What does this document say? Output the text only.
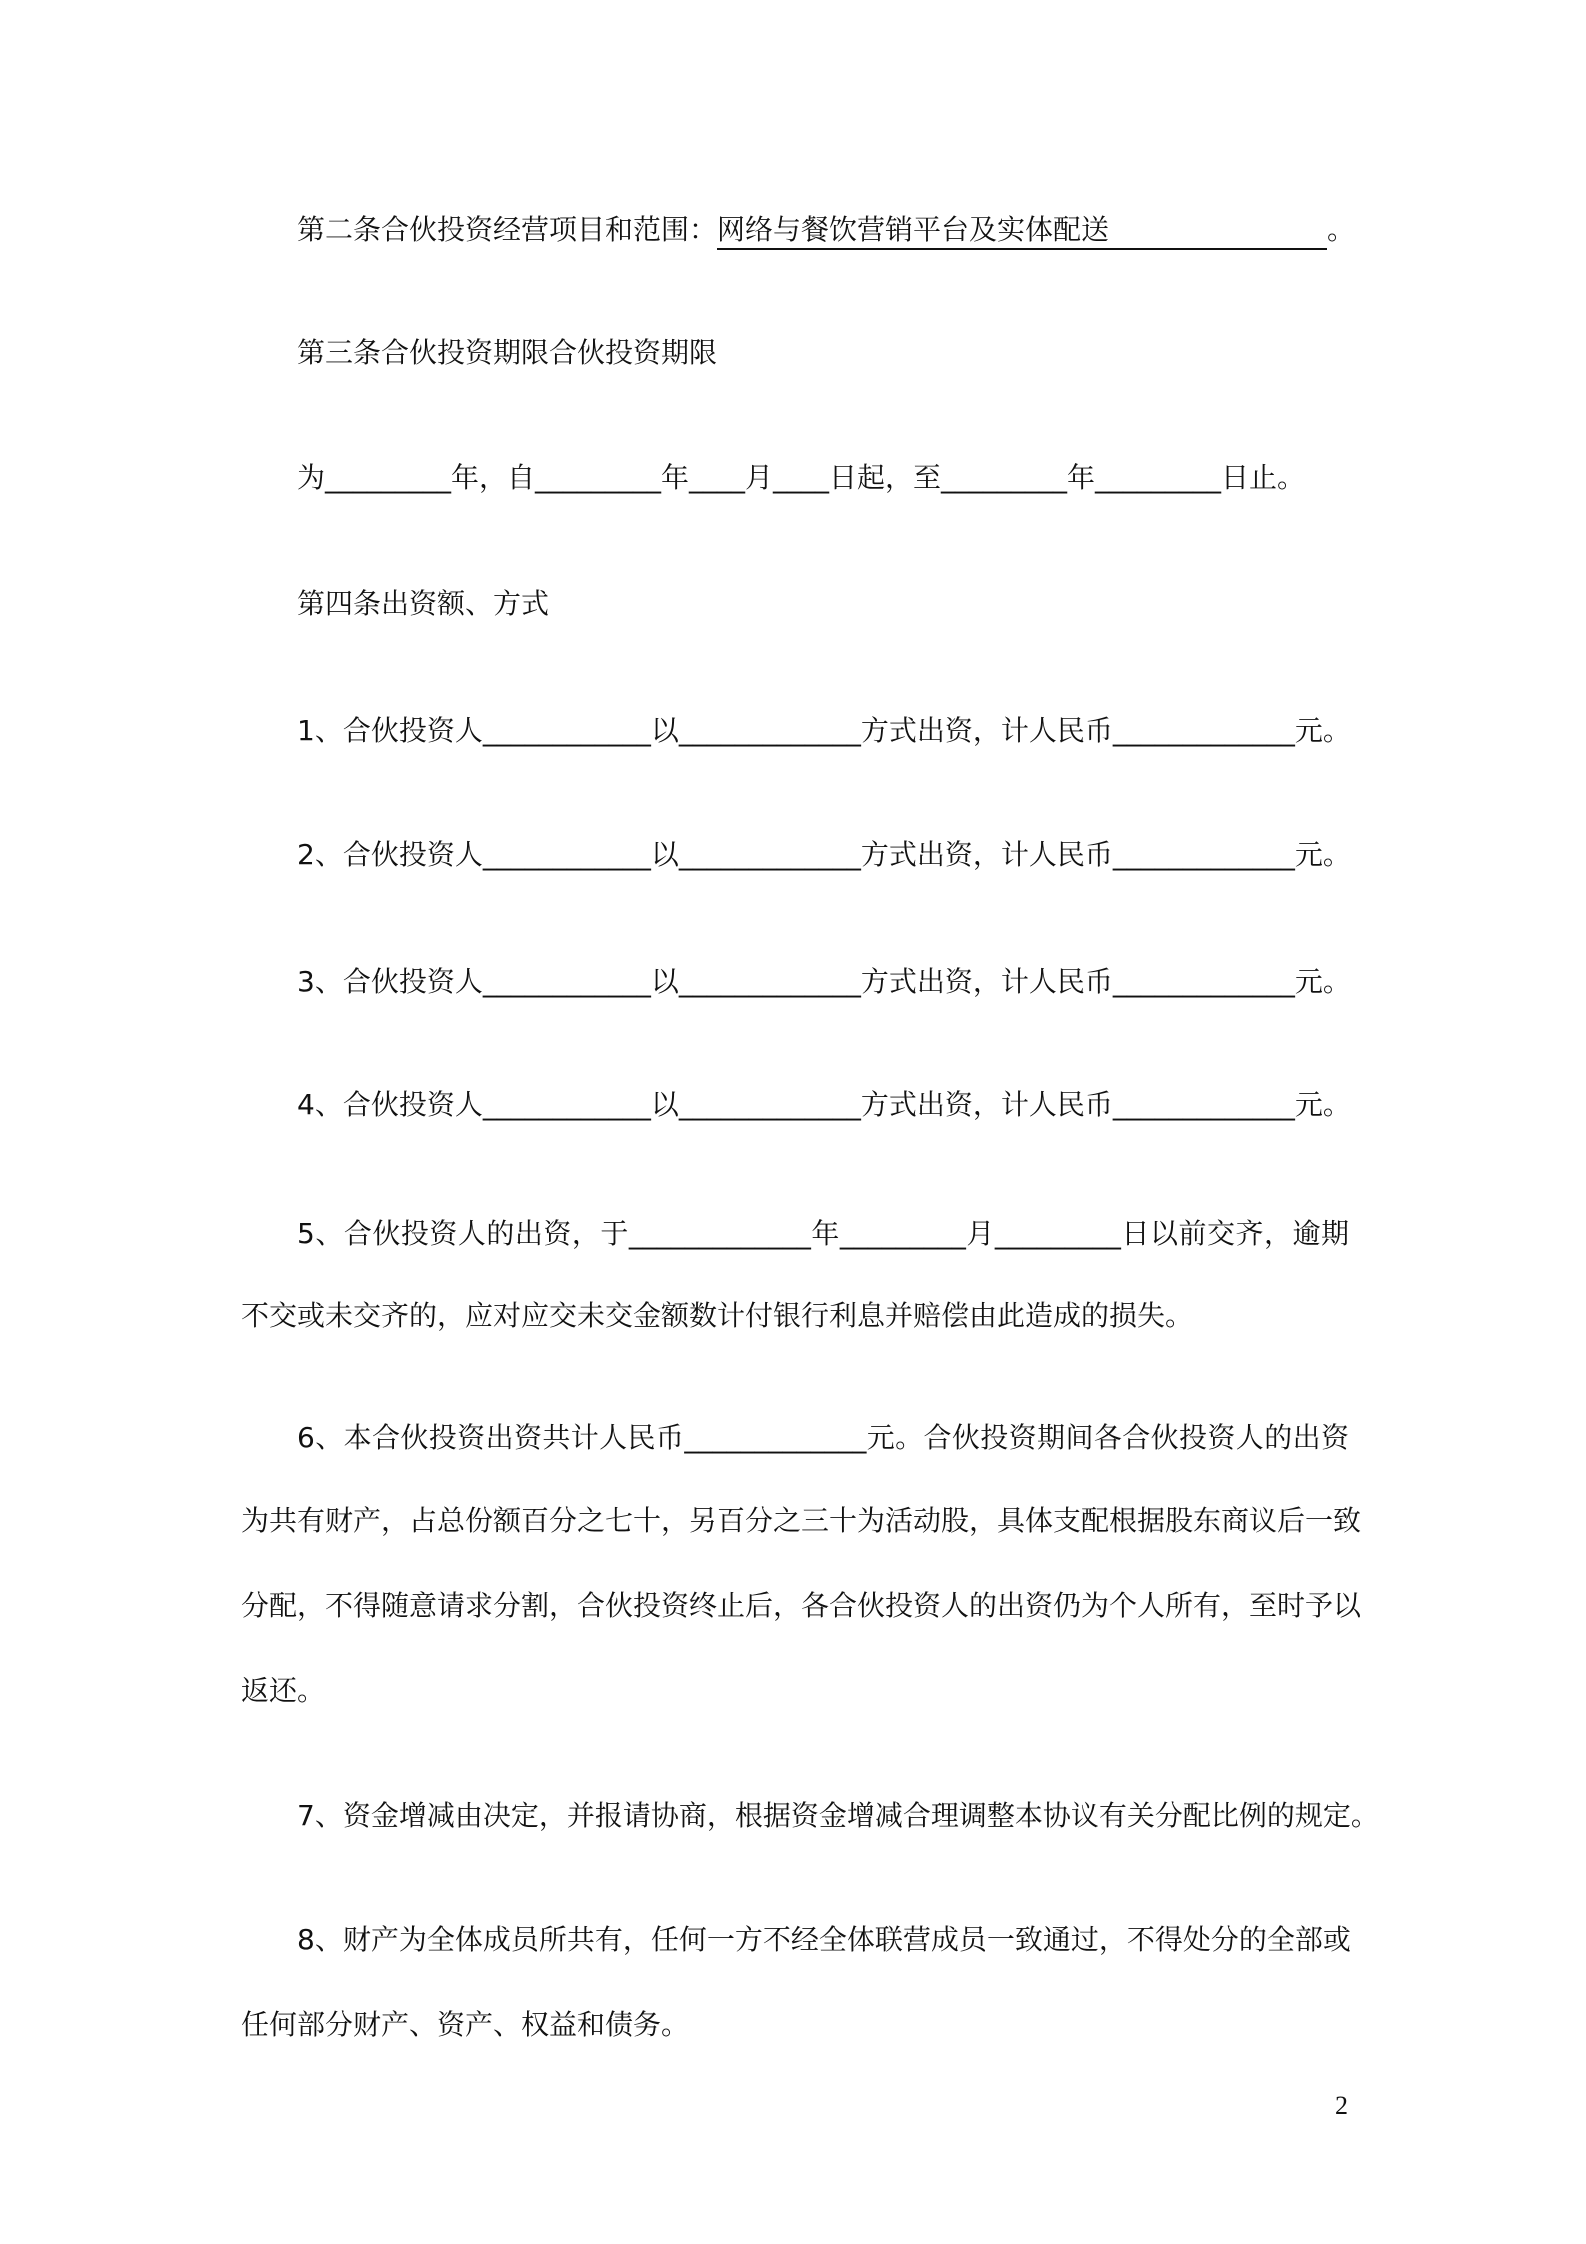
第二条合伙投资经营项目和范围：网络与餐饮营销平台及实体配送	。
第三条合伙投资期限合伙投资期限
为_________年，自_________年____月____日起，至_________年_________日止。
第四条出资额、方式
1、合伙投资人____________以_____________方式出资，计人民币_____________元。
2、合伙投资人____________以_____________方式出资，计人民币_____________元。
3、合伙投资人____________以_____________方式出资，计人民币_____________元。
4、合伙投资人____________以_____________方式出资，计人民币_____________元。
5、合伙投资人的出资，于_____________年_________月_________日以前交齐，逾期
不交或未交齐的，应对应交未交金额数计付银行利息并赔偿由此造成的损失。
6、本合伙投资出资共计人民币_____________元。合伙投资期间各合伙投资人的出资
为共有财产，占总份额百分之七十，另百分之三十为活动股，具体支配根据股东商议后一致
分配，不得随意请求分割，合伙投资终止后，各合伙投资人的出资仍为个人所有，至时予以
返还。
7、资金增减由决定，并报请协商，根据资金增减合理调整本协议有关分配比例的规定。
8、财产为全体成员所共有，任何一方不经全体联营成员一致通过，不得处分的全部或
任何部分财产、资产、权益和债务。
2
